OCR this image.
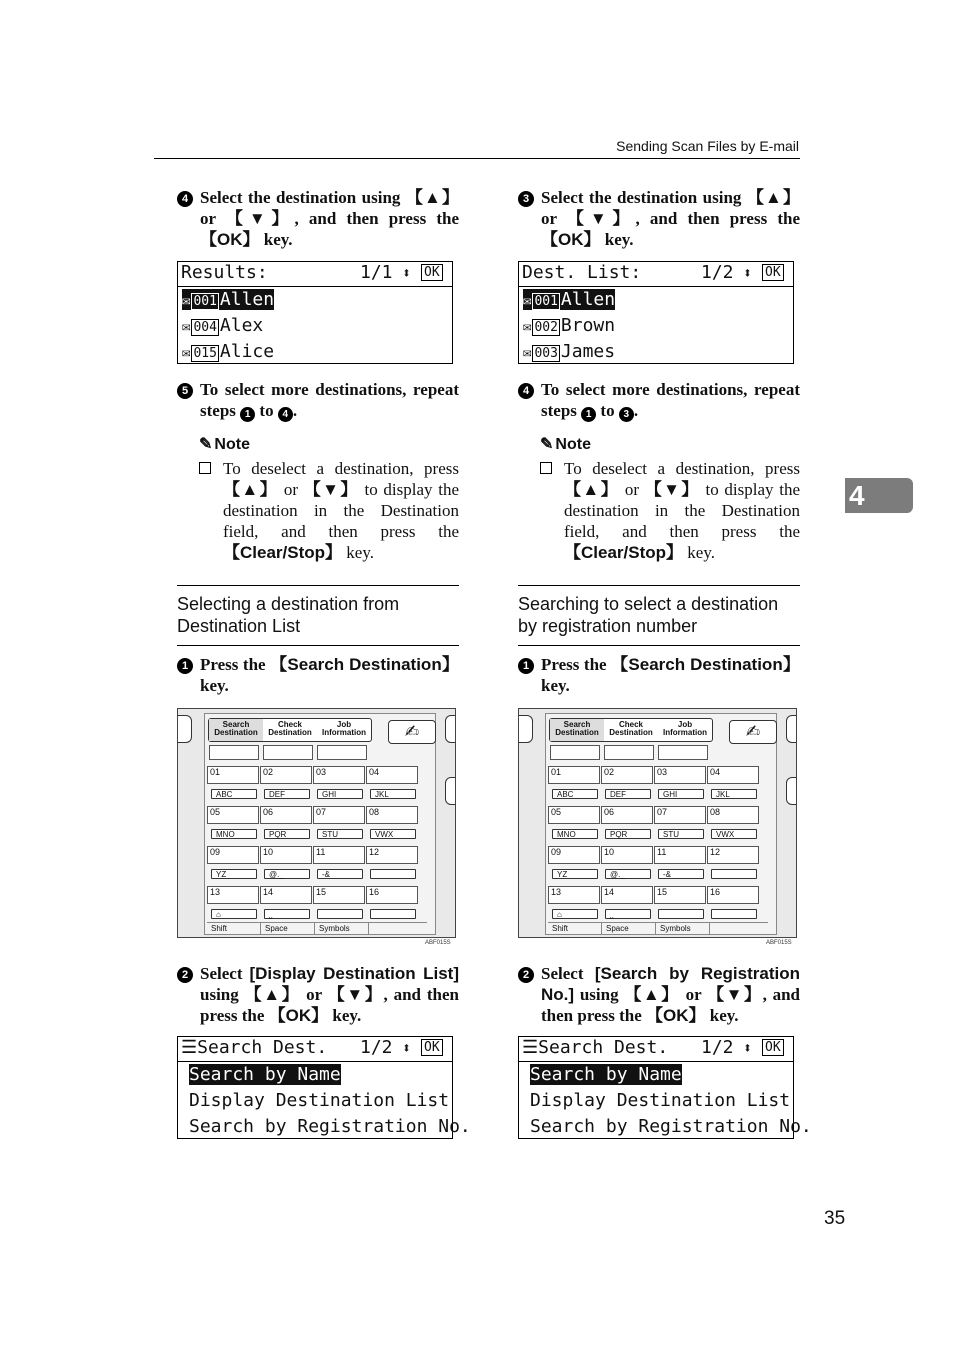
Sending Scan Files by E-mail
4
35
4 Select the destination using 【▲】 or 【▼】, and then press the 【OK】 key.
Results:	1/1 ⬍ OK
✉ 001 Allen
✉ 004 Alex
✉ 015 Alice
5 To select more destinations, repeat steps 1 to 4 .
✎ Note
To deselect a destination, press 【▲】 or 【▼】 to display the destination in the Destination field, and then press the 【Clear/Stop】 key.
Selecting a destination from Destination List
1 Press the 【Search Destination】 key.
Search Destination
Check Destination
Job Information	✍
01	02	03	04
ABC	DEF	GHI	JKL
05	06	07	08
MNO	PQR	STU	VWX
09	10	11	12
YZ	@._	-&
13	14	15	16
⌂	⎵
Shift	Space	Symbols
ABF015S
2 Select [Display Destination List] using 【▲】 or 【▼】, and then press the 【OK】 key.
☰Search Dest. 1/2 ⬍ OK
Search by Name
Display Destination List
Search by Registration No.
3 Select the destination using 【▲】 or 【▼】, and then press the 【OK】 key.
Dest. List:	1/2 ⬍ OK
✉ 001 Allen
✉ 002 Brown
✉ 003 James
4 To select more destinations, repeat steps 1 to 3 .
✎ Note
To deselect a destination, press 【▲】 or 【▼】 to display the destination in the Destination field, and then press the 【Clear/Stop】 key.
Searching to select a destination by registration number
1 Press the 【Search Destination】 key.
Search Destination
Check Destination
Job Information	✍
01	02	03	04
ABC	DEF	GHI	JKL
05	06	07	08
MNO	PQR	STU	VWX
09	10	11	12
YZ	@._	-&
13	14	15	16
⌂	⎵
Shift	Space	Symbols
ABF015S
2 Select [Search by Registration No.] using 【▲】 or 【▼】, and then press the 【OK】 key.
☰Search Dest. 1/2 ⬍ OK
Search by Name
Display Destination List
Search by Registration No.
